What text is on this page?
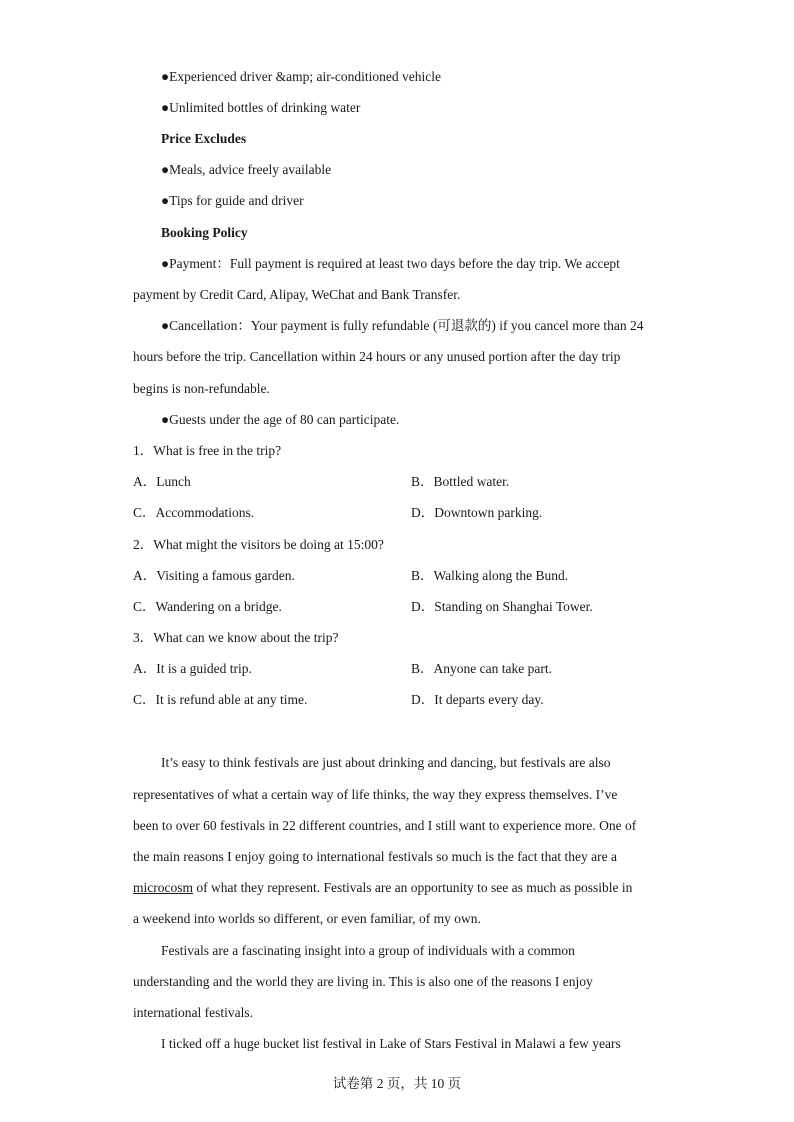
●Experienced driver &amp; air-conditioned vehicle
●Unlimited bottles of drinking water
Price Excludes
●Meals, advice freely available
●Tips for guide and driver
Booking Policy
●Payment：Full payment is required at least two days before the day trip. We accept
payment by Credit Card, Alipay, WeChat and Bank Transfer.
●Cancellation：Your payment is fully refundable (可退款的) if you cancel more than 24
hours before the trip. Cancellation within 24 hours or any unused portion after the day trip
begins is non-refundable.
●Guests under the age of 80 can participate.
1．What is free in the trip?
A．Lunch	B．Bottled water.
C．Accommodations.	D．Downtown parking.
2．What might the visitors be doing at 15:00?
A．Visiting a famous garden.	B．Walking along the Bund.
C．Wandering on a bridge.	D．Standing on Shanghai Tower.
3．What can we know about the trip?
A．It is a guided trip.	B．Anyone can take part.
C．It is refund able at any time.	D．It departs every day.
It’s easy to think festivals are just about drinking and dancing, but festivals are also
representatives of what a certain way of life thinks, the way they express themselves. I’ve
been to over 60 festivals in 22 different countries, and I still want to experience more. One of
the main reasons I enjoy going to international festivals so much is the fact that they are a
microcosm of what they represent. Festivals are an opportunity to see as much as possible in
a weekend into worlds so different, or even familiar, of my own.
Festivals are a fascinating insight into a group of individuals with a common
understanding and the world they are living in. This is also one of the reasons I enjoy
international festivals.
I ticked off a huge bucket list festival in Lake of Stars Festival in Malawi a few years
试卷第 2 页，共 10 页
